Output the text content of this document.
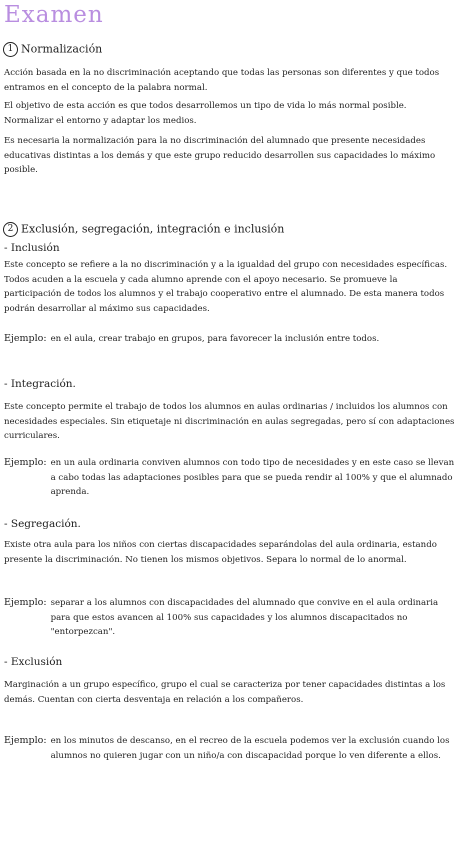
Examen
1 Normalización

Acción basada en la no discriminación aceptando que todas las personas son diferentes y que todos entramos en el concepto de la palabra normal.

El objetivo de esta acción es que todos desarrollemos un tipo de vida lo más normal posible. Normalizar el entorno y adaptar los medios.

Es necesaria la normalización para la no discriminación del alumnado que presente necesidades educativas distintas a los demás y que este grupo reducido desarrollen sus capacidades lo máximo posible.

2 Exclusión, segregación, integración e inclusión
- Inclusión

Este concepto se refiere a la no discriminación y a la igualdad del grupo con necesidades específicas. Todos acuden a la escuela y cada alumno aprende con el apoyo necesario. Se promueve la participación de todos los alumnos y el trabajo cooperativo entre el alumnado. De esta manera todos podrán desarrollar al máximo sus capacidades.

Ejemplo: en el aula, crear trabajo en grupos, para favorecer la inclusión entre todos.
- Integración.

Este concepto permite el trabajo de todos los alumnos en aulas ordinarias / incluidos los alumnos con necesidades especiales. Sin etiquetaje ni discriminación en aulas segregadas, pero sí con adaptaciones curriculares.

Ejemplo: en un aula ordinaria conviven alumnos con todo tipo de necesidades y en este caso se llevan a cabo todas las adaptaciones posibles para que se pueda rendir al 100% y que el alumnado aprenda.
- Segregación.

Existe otra aula para los niños con ciertas discapacidades separándolas del aula ordinaria, estando presente la discriminación. No tienen los mismos objetivos. Separa lo normal de lo anormal.

Ejemplo: separar a los alumnos con discapacidades del alumnado que convive en el aula ordinaria para que estos avancen al 100% sus capacidades y los alumnos discapacitados no "entorpezcan".
- Exclusión

Marginación a un grupo específico, grupo el cual se caracteriza por tener capacidades distintas a los demás. Cuentan con cierta desventaja en relación a los compañeros.

Ejemplo: en los minutos de descanso, en el recreo de la escuela podemos ver la exclusión cuando los alumnos no quieren jugar con un niño/a con discapacidad porque lo ven diferente a ellos.
